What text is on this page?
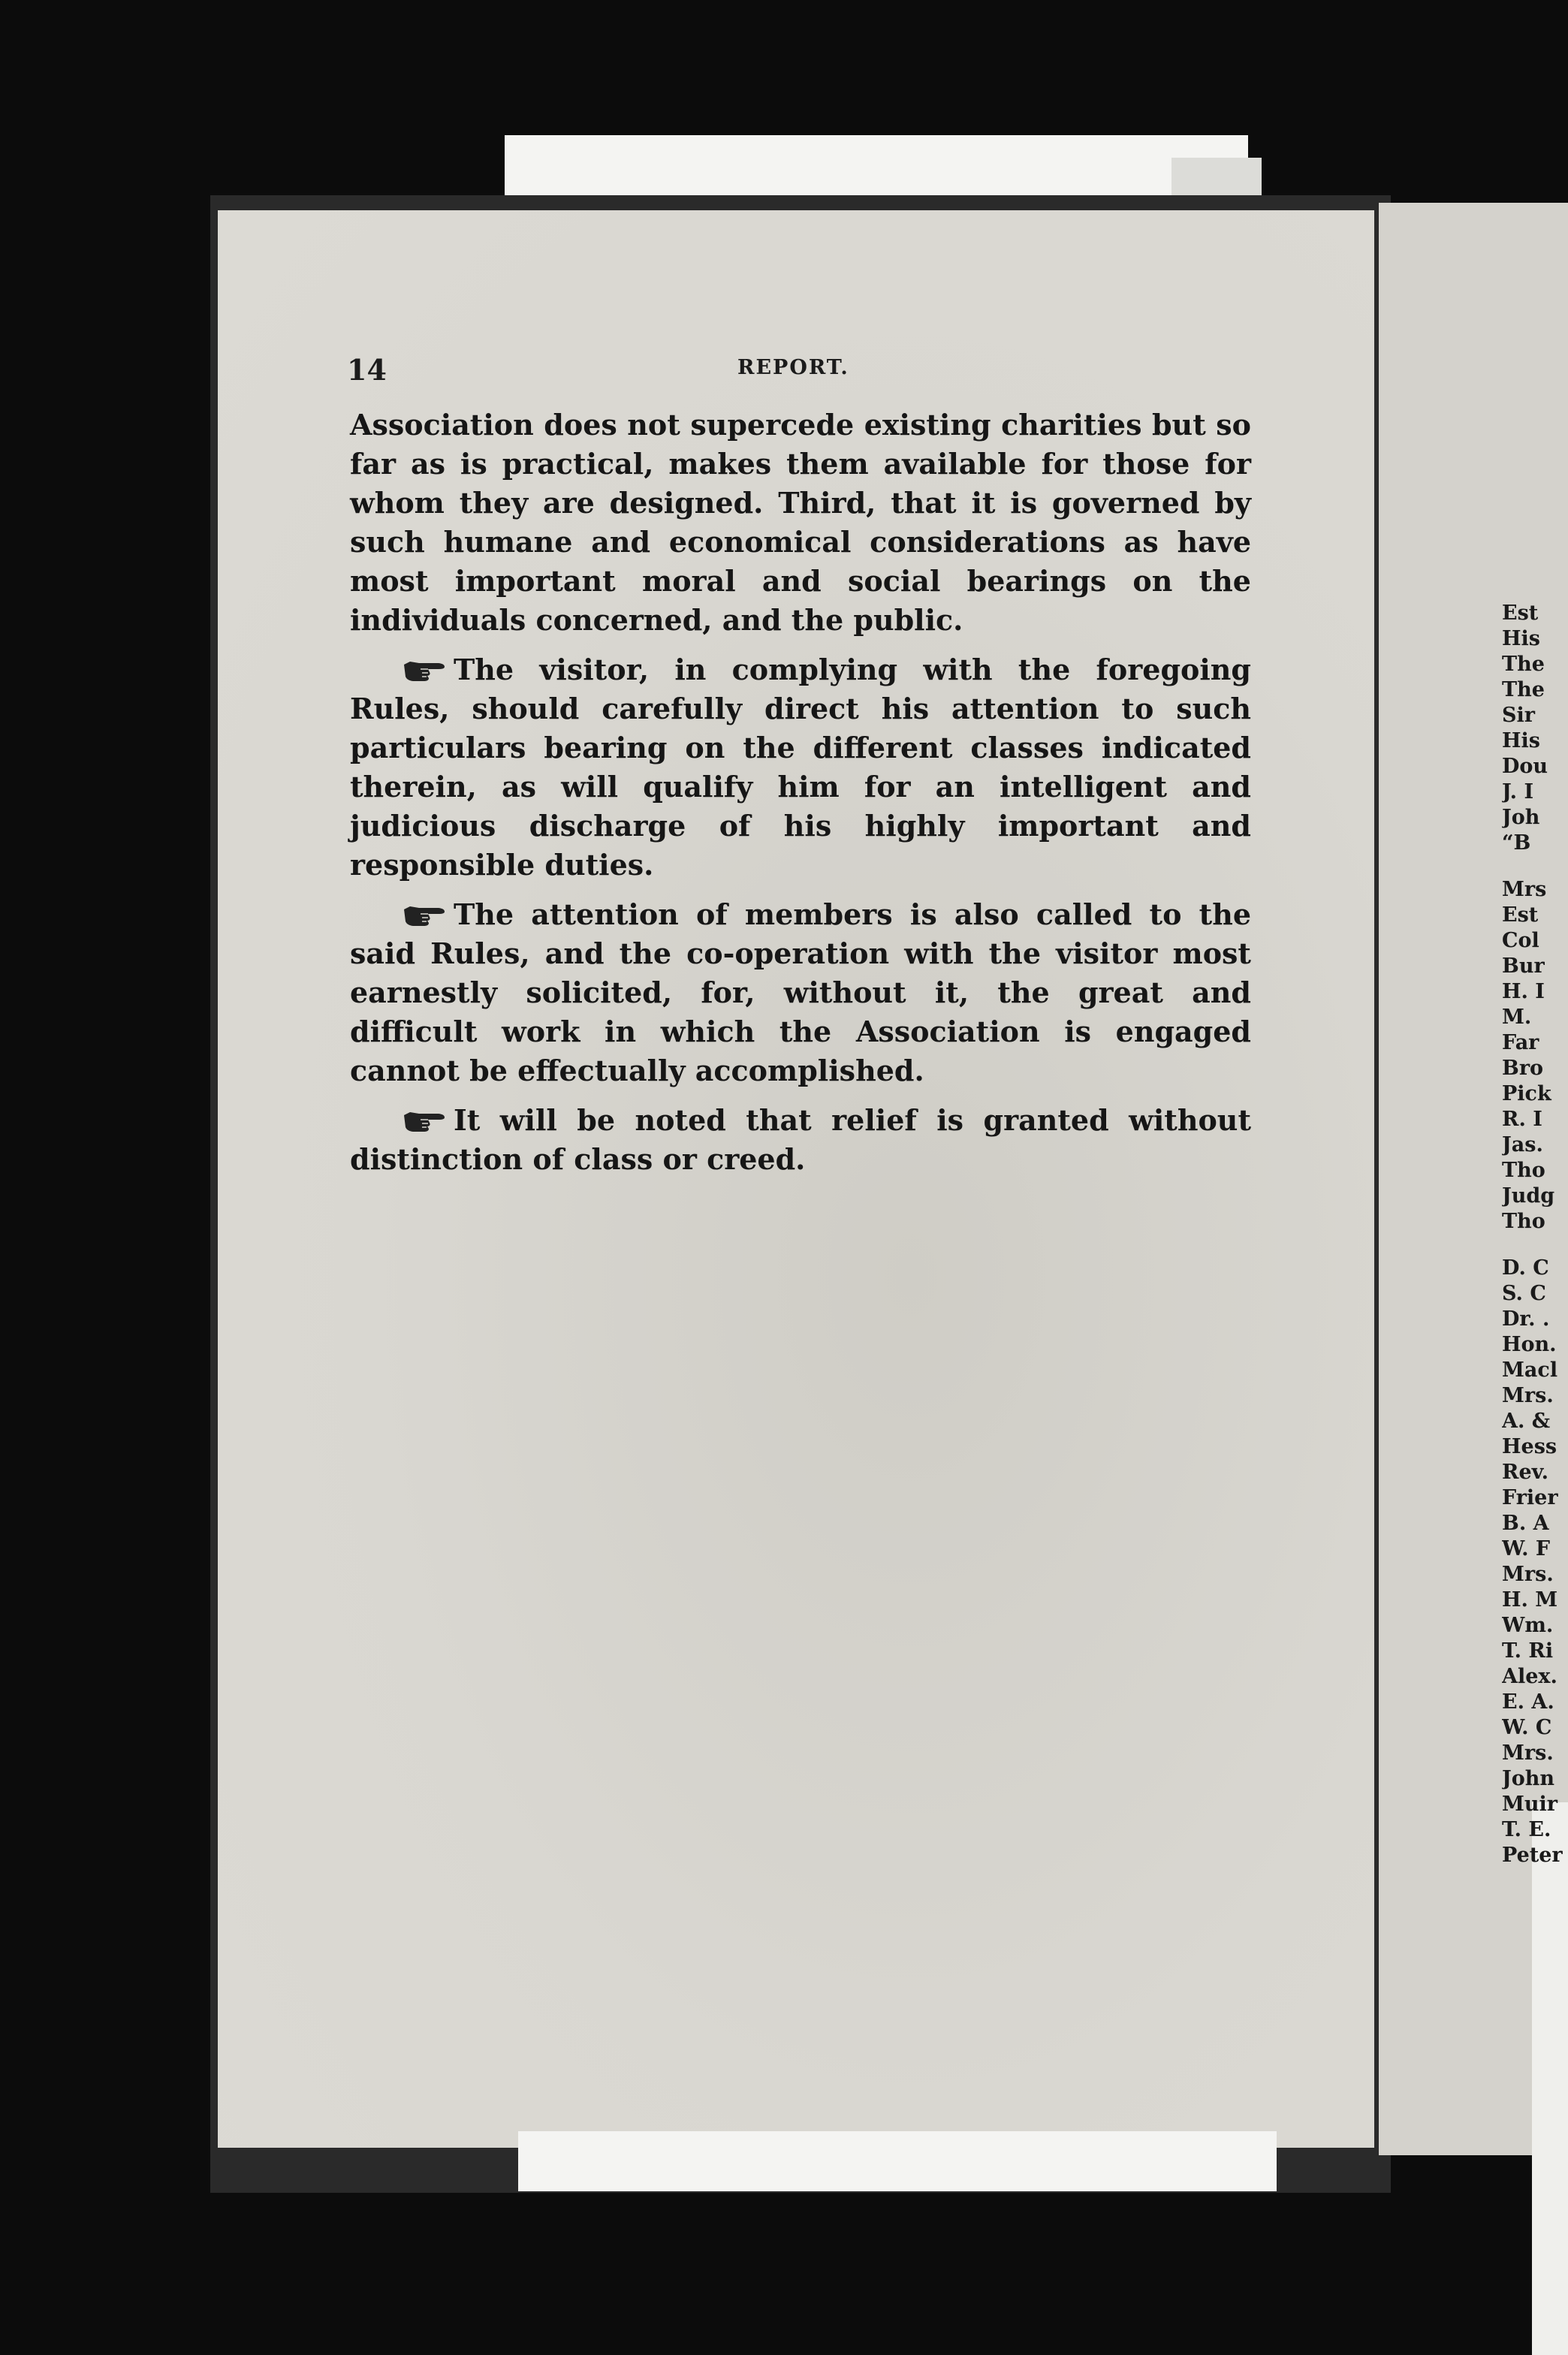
14	REPORT.

Association does not supercede existing charities but so far as is practical, makes them available for those for whom they are designed. Third, that it is governed by such humane and economical considerations as have most important moral and social bearings on the individuals concerned, and the public.

The visitor, in complying with the foregoing Rules, should carefully direct his attention to such particulars bearing on the different classes indicated therein, as will qualify him for an intelligent and judicious discharge of his highly important and responsible duties.

The attention of members is also called to the said Rules, and the co-operation with the visitor most earnestly solicited, for, without it, the great and difficult work in which the Association is engaged cannot be effectually accomplished.

It will be noted that relief is granted without distinction of class or creed.

Est
His
The
The
Sir
His
Dou
J. I
Joh
“B
Mrs
Est
Col
Bur
H. I
M.
Far
Bro
Pick
R. I
Jas.
Tho
Judg
Tho
D. C
S. C
Dr. .
Hon.
Macl
Mrs.
A. &
Hess
Rev.
Frier
B. A
W. F
Mrs.
H. M
Wm.
T. Ri
Alex.
E. A.
W. C
Mrs.
John
Muir
T. E.
Peter
